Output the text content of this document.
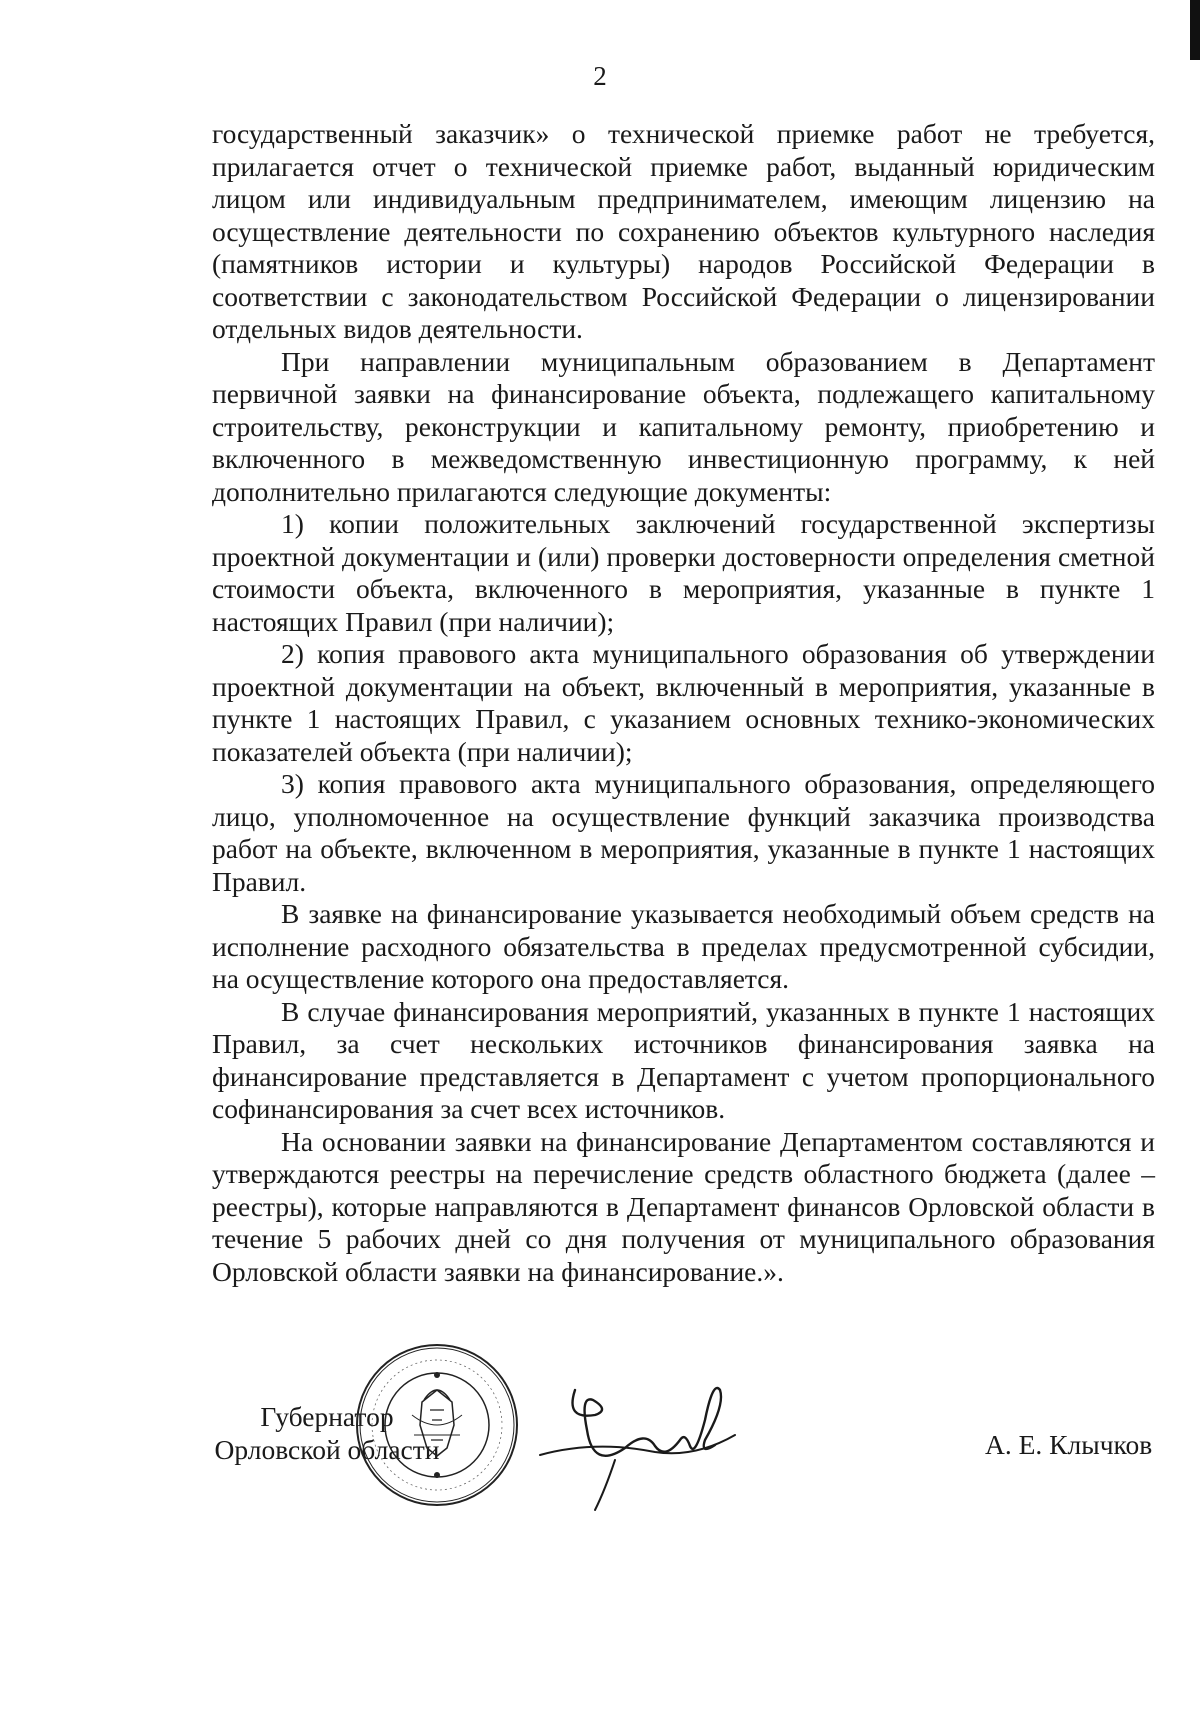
2

государственный заказчик» о технической приемке работ не требуется, прилагается отчет о технической приемке работ, выданный юридическим лицом или индивидуальным предпринимателем, имеющим лицензию на осуществление деятельности по сохранению объектов культурного наследия (памятников истории и культуры) народов Российской Федерации в соответствии с законодательством Российской Федерации о лицензировании отдельных видов деятельности.

При направлении муниципальным образованием в Департамент первичной заявки на финансирование объекта, подлежащего капитальному строительству, реконструкции и капитальному ремонту, приобретению и включенного в межведомственную инвестиционную программу, к ней дополнительно прилагаются следующие документы:

1) копии положительных заключений государственной экспертизы проектной документации и (или) проверки достоверности определения сметной стоимости объекта, включенного в мероприятия, указанные в пункте 1 настоящих Правил (при наличии);

2) копия правового акта муниципального образования об утверждении проектной документации на объект, включенный в мероприятия, указанные в пункте 1 настоящих Правил, с указанием основных технико-экономических показателей объекта (при наличии);

3) копия правового акта муниципального образования, определяющего лицо, уполномоченное на осуществление функций заказчика производства работ на объекте, включенном в мероприятия, указанные в пункте 1 настоящих Правил.

В заявке на финансирование указывается необходимый объем средств на исполнение расходного обязательства в пределах предусмотренной субсидии, на осуществление которого она предоставляется.

В случае финансирования мероприятий, указанных в пункте 1 настоящих Правил, за счет нескольких источников финансирования заявка на финансирование представляется в Департамент с учетом пропорционального софинансирования за счет всех источников.

На основании заявки на финансирование Департаментом составляются и утверждаются реестры на перечисление средств областного бюджета (далее – реестры), которые направляются в Департамент финансов Орловской области в течение 5 рабочих дней со дня получения от муниципального образования Орловской области заявки на финансирование.».

Губернатор
Орловской области	А. Е. Клычков
